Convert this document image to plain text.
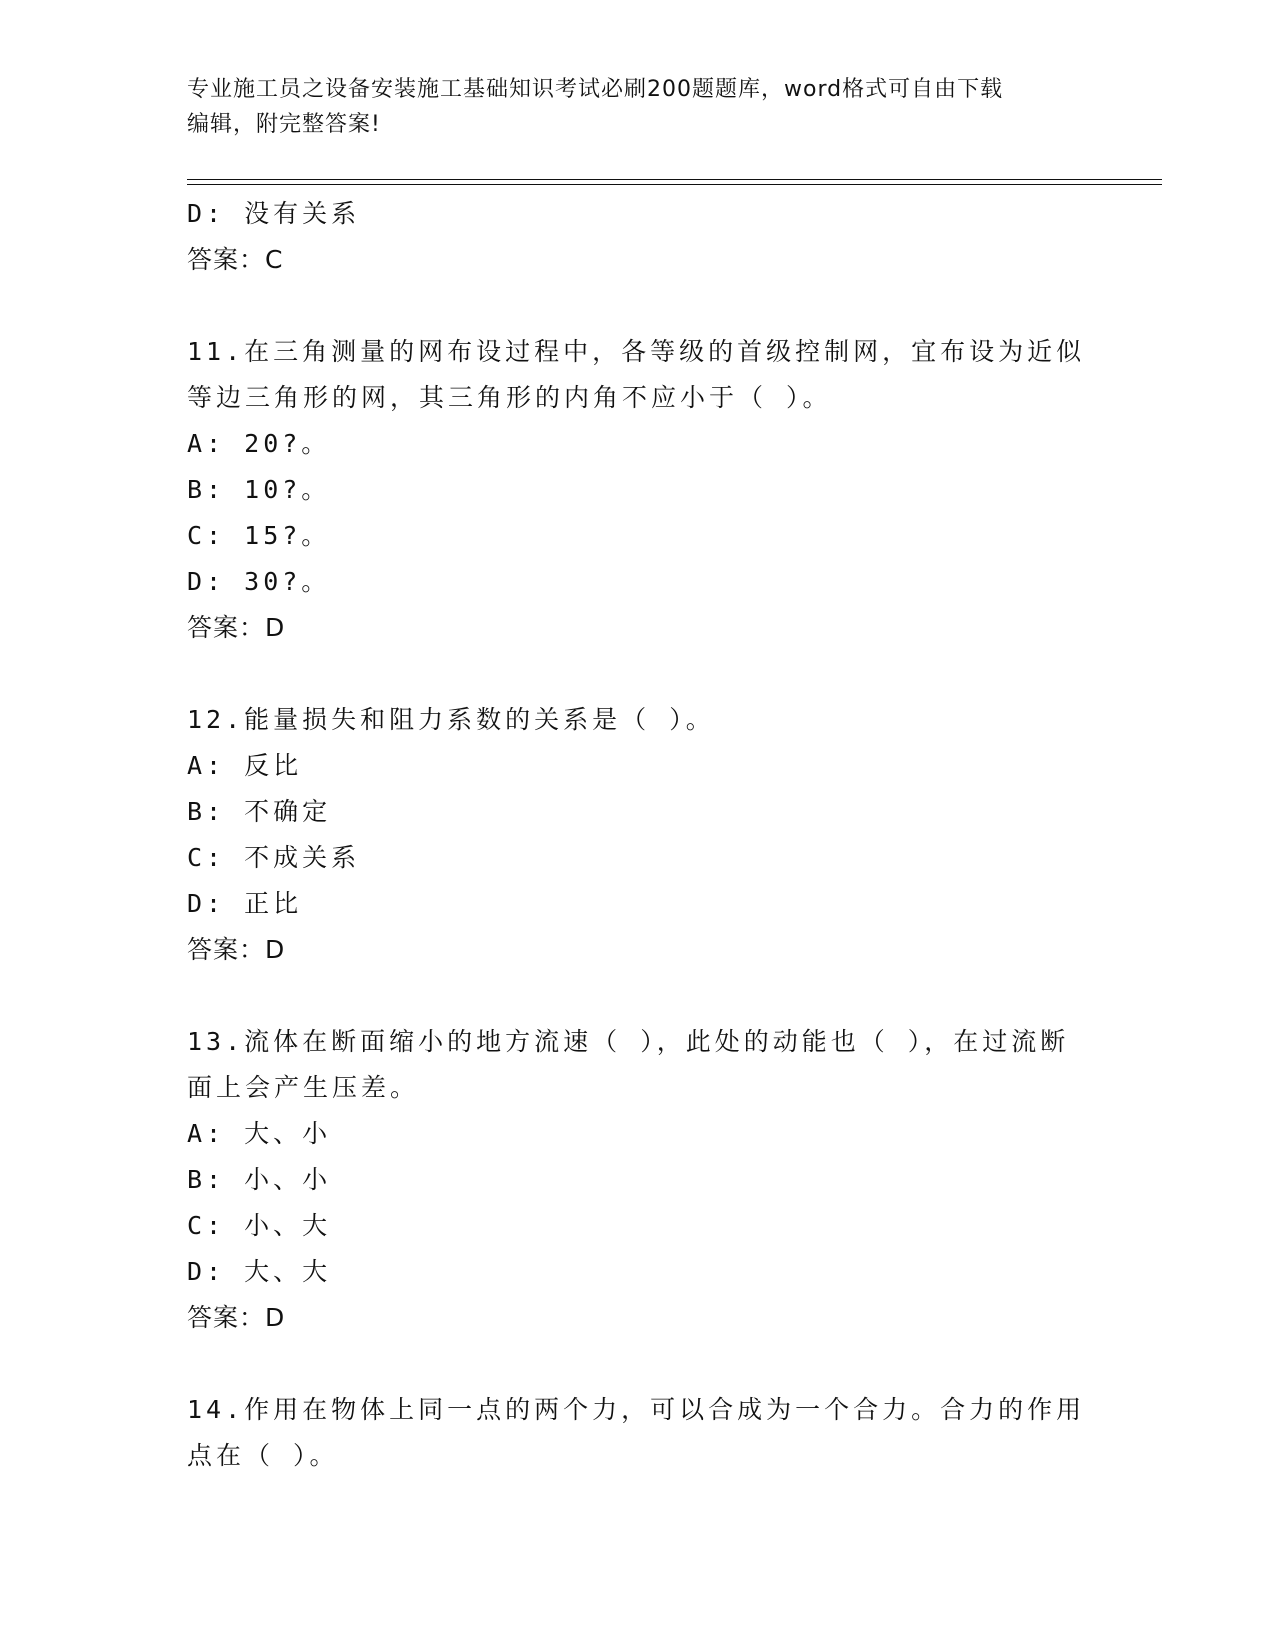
专业施工员之设备安装施工基础知识考试必刷200题题库，word格式可自由下载
编辑，附完整答案!
D: 没有关系
答案：C
11.在三角测量的网布设过程中，各等级的首级控制网，宜布设为近似
等边三角形的网，其三角形的内角不应小于（ ）。
A: 20?。
B: 10?。
C: 15?。
D: 30?。
答案：D
12.能量损失和阻力系数的关系是（ ）。
A: 反比
B: 不确定
C: 不成关系
D: 正比
答案：D
13.流体在断面缩小的地方流速（ ），此处的动能也（ ），在过流断
面上会产生压差。
A: 大、小
B: 小、小
C: 小、大
D: 大、大
答案：D
14.作用在物体上同一点的两个力，可以合成为一个合力。合力的作用
点在（ ）。
